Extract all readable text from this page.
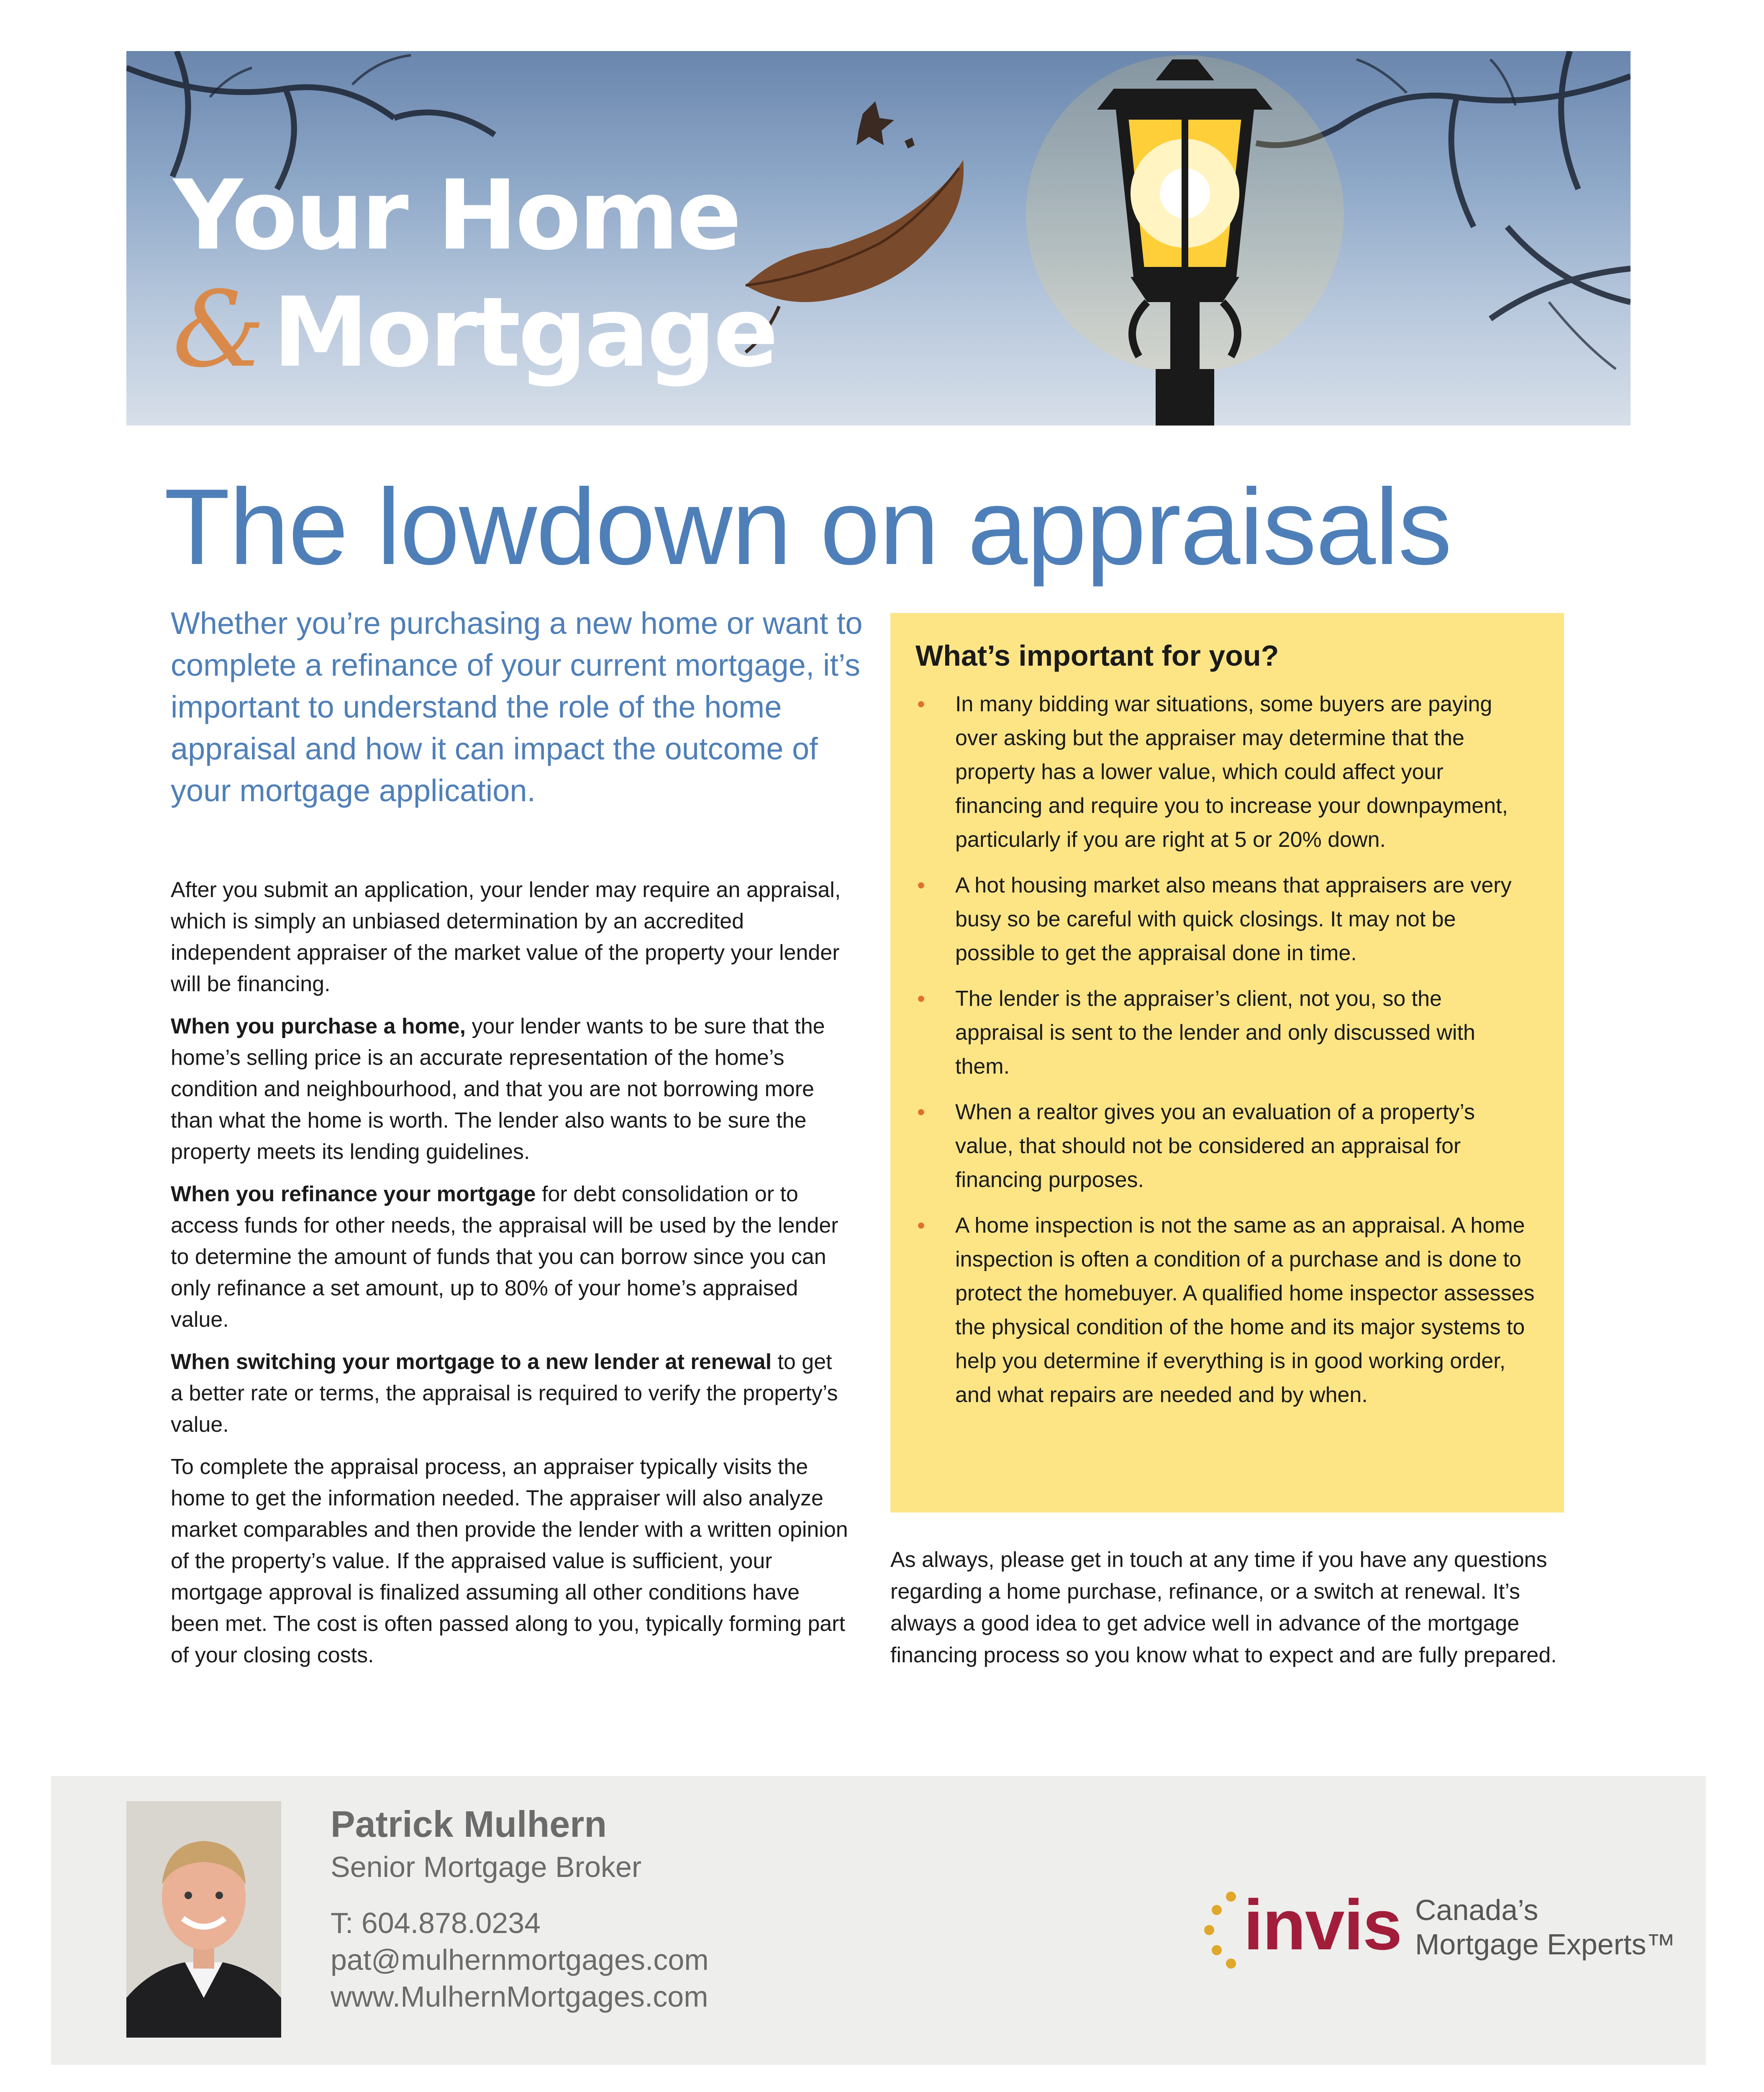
Your Home
& Mortgage
The lowdown on appraisals

Whether you’re purchasing a new home or want to complete a refinance of your current mortgage, it’s important to understand the role of the home appraisal and how it can impact the outcome of your mortgage application.

After you submit an application, your lender may require an appraisal, which is simply an unbiased determination by an accredited independent appraiser of the market value of the property your lender will be financing.

When you purchase a home, your lender wants to be sure that the home’s selling price is an accurate representation of the home’s condition and neighbourhood, and that you are not borrowing more than what the home is worth. The lender also wants to be sure the property meets its lending guidelines.

When you refinance your mortgage for debt consolidation or to access funds for other needs, the appraisal will be used by the lender to determine the amount of funds that you can borrow since you can only refinance a set amount, up to 80% of your home’s appraised value.

When switching your mortgage to a new lender at renewal to get a better rate or terms, the appraisal is required to verify the property’s value.

To complete the appraisal process, an appraiser typically visits the home to get the information needed. The appraiser will also analyze market comparables and then provide the lender with a written opinion of the property’s value. If the appraised value is sufficient, your mortgage approval is finalized assuming all other conditions have been met. The cost is often passed along to you, typically forming part of your closing costs.

What’s important for you?
• In many bidding war situations, some buyers are paying over asking but the appraiser may determine that the property has a lower value, which could affect your financing and require you to increase your downpayment, particularly if you are right at 5 or 20% down.
• A hot housing market also means that appraisers are very busy so be careful with quick closings. It may not be possible to get the appraisal done in time.
• The lender is the appraiser’s client, not you, so the appraisal is sent to the lender and only discussed with them.
• When a realtor gives you an evaluation of a property’s value, that should not be considered an appraisal for financing purposes.
• A home inspection is not the same as an appraisal. A home inspection is often a condition of a purchase and is done to protect the homebuyer. A qualified home inspector assesses the physical condition of the home and its major systems to help you determine if everything is in good working order, and what repairs are needed and by when.

As always, please get in touch at any time if you have any questions regarding a home purchase, refinance, or a switch at renewal. It’s always a good idea to get advice well in advance of the mortgage financing process so you know what to expect and are fully prepared.

Patrick Mulhern

Senior Mortgage Broker

T: 604.878.0234

pat@mulhernmortgages.com

www.MulhernMortgages.com

invis Canada’s
Mortgage Experts™
